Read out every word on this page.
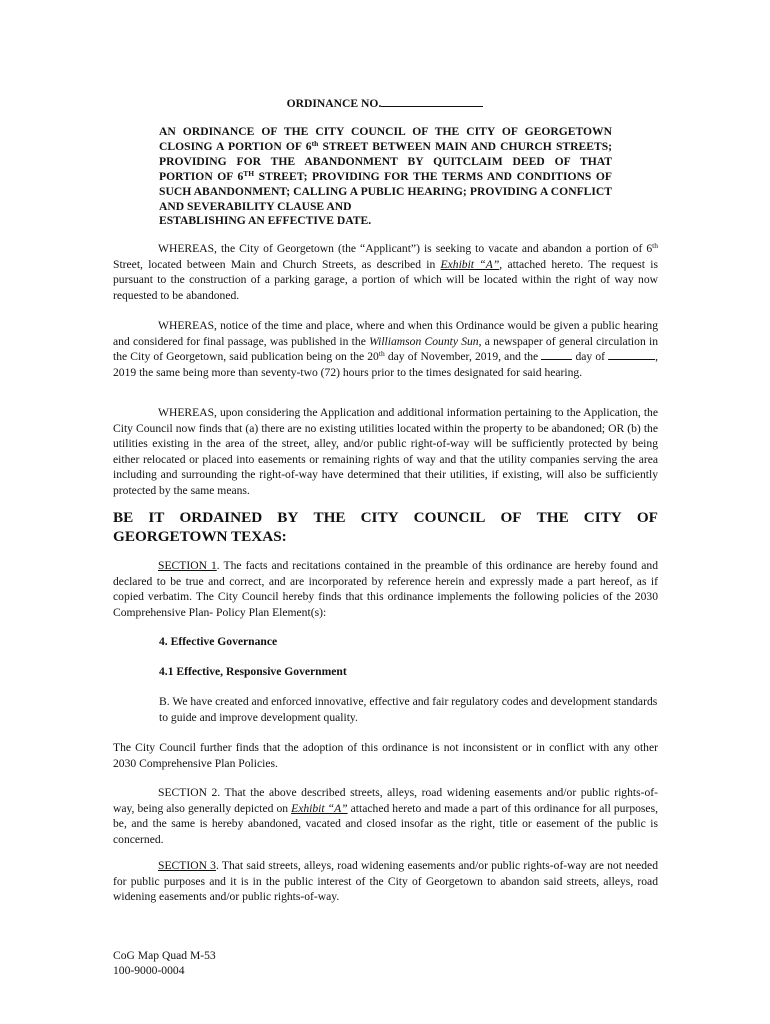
ORDINANCE NO.

AN ORDINANCE OF THE CITY COUNCIL OF THE CITY OF GEORGETOWN CLOSING A PORTION OF 6th STREET BETWEEN MAIN AND CHURCH STREETS; PROVIDING FOR THE ABANDONMENT BY QUITCLAIM DEED OF THAT PORTION OF 6TH STREET; PROVIDING FOR THE TERMS AND CONDITIONS OF SUCH ABANDONMENT; CALLING A PUBLIC HEARING; PROVIDING A CONFLICT AND SEVERABILITY CLAUSE AND
ESTABLISHING AN EFFECTIVE DATE.

WHEREAS, the City of Georgetown (the “Applicant”) is seeking to vacate and abandon a portion of 6th Street, located between Main and Church Streets, as described in Exhibit “A”, attached hereto. The request is pursuant to the construction of a parking garage, a portion of which will be located within the right of way now requested to be abandoned.

WHEREAS, notice of the time and place, where and when this Ordinance would be given a public hearing and considered for final passage, was published in the Williamson County Sun, a newspaper of general circulation in the City of Georgetown, said publication being on the 20th day of November, 2019, and the	day of	, 2019 the same being more than seventy-two (72) hours prior to the times designated for said hearing.

WHEREAS, upon considering the Application and additional information pertaining to the Application, the City Council now finds that (a) there are no existing utilities located within the property to be abandoned; OR (b) the utilities existing in the area of the street, alley, and/or public right-of-way will be sufficiently protected by being either relocated or placed into easements or remaining rights of way and that the utility companies serving the area including and surrounding the right-of-way have determined that their utilities, if existing, will also be sufficiently protected by the same means.

BE IT ORDAINED BY THE CITY COUNCIL OF THE CITY OF
GEORGETOWN TEXAS:

SECTION 1. The facts and recitations contained in the preamble of this ordinance are hereby found and declared to be true and correct, and are incorporated by reference herein and expressly made a part hereof, as if copied verbatim. The City Council hereby finds that this ordinance implements the following policies of the 2030 Comprehensive Plan- Policy Plan Element(s):

4. Effective Governance

4.1 Effective, Responsive Government

B. We have created and enforced innovative, effective and fair regulatory codes and development standards to guide and improve development quality.

The City Council further finds that the adoption of this ordinance is not inconsistent or in conflict with any other 2030 Comprehensive Plan Policies.

SECTION 2. That the above described streets, alleys, road widening easements and/or public rights-of-way, being also generally depicted on Exhibit “A” attached hereto and made a part of this ordinance for all purposes, be, and the same is hereby abandoned, vacated and closed insofar as the right, title or easement of the public is concerned.

SECTION 3. That said streets, alleys, road widening easements and/or public rights-of-way are not needed for public purposes and it is in the public interest of the City of Georgetown to abandon said streets, alleys, road widening easements and/or public rights-of-way.

CoG Map Quad M-53
100-9000-0004
